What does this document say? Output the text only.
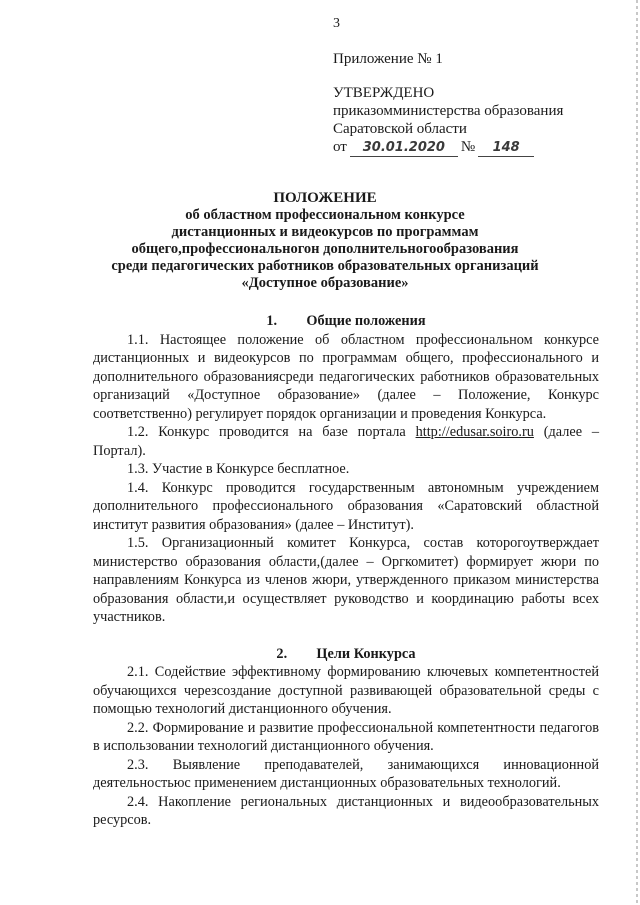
3
Приложение № 1
УТВЕРЖДЕНО
приказомминистерства образования
Саратовской области
от	30.01.2020	№	148
ПОЛОЖЕНИЕ
об областном профессиональном конкурсе
дистанционных и видеокурсов по программам
общего,профессиональногон дополнительногообразования
среди педагогических работников образовательных организаций
«Доступное образование»
1. Общие положения

1.1. Настоящее положение об областном профессиональном конкурсе дистанционных и видеокурсов по программам общего, профессионального и дополнительного образованиясреди педагогических работников образовательных организаций «Доступное образование» (далее – Положение, Конкурс соответственно) регулирует порядок организации и проведения Конкурса.

1.2. Конкурс проводится на базе портала http://edusar.soiro.ru (далее – Портал).

1.3. Участие в Конкурсе бесплатное.

1.4. Конкурс проводится государственным автономным учреждением дополнительного профессионального образования «Саратовский областной институт развития образования» (далее – Институт).

1.5. Организационный комитет Конкурса, состав которогоутверждает министерство образования области,(далее – Оргкомитет) формирует жюри по направлениям Конкурса из членов жюри, утвержденного приказом министерства образования области,и осуществляет руководство и координацию работы всех участников.

2. Цели Конкурса

2.1. Содействие эффективному формированию ключевых компетентностей обучающихся черезсоздание доступной развивающей образовательной среды с помощью технологий дистанционного обучения.

2.2. Формирование и развитие профессиональной компетентности педагогов в использовании технологий дистанционного обучения.

2.3. Выявление преподавателей, занимающихся инновационной деятельностьюс применением дистанционных образовательных технологий.

2.4. Накопление региональных дистанционных и видеообразовательных ресурсов.
